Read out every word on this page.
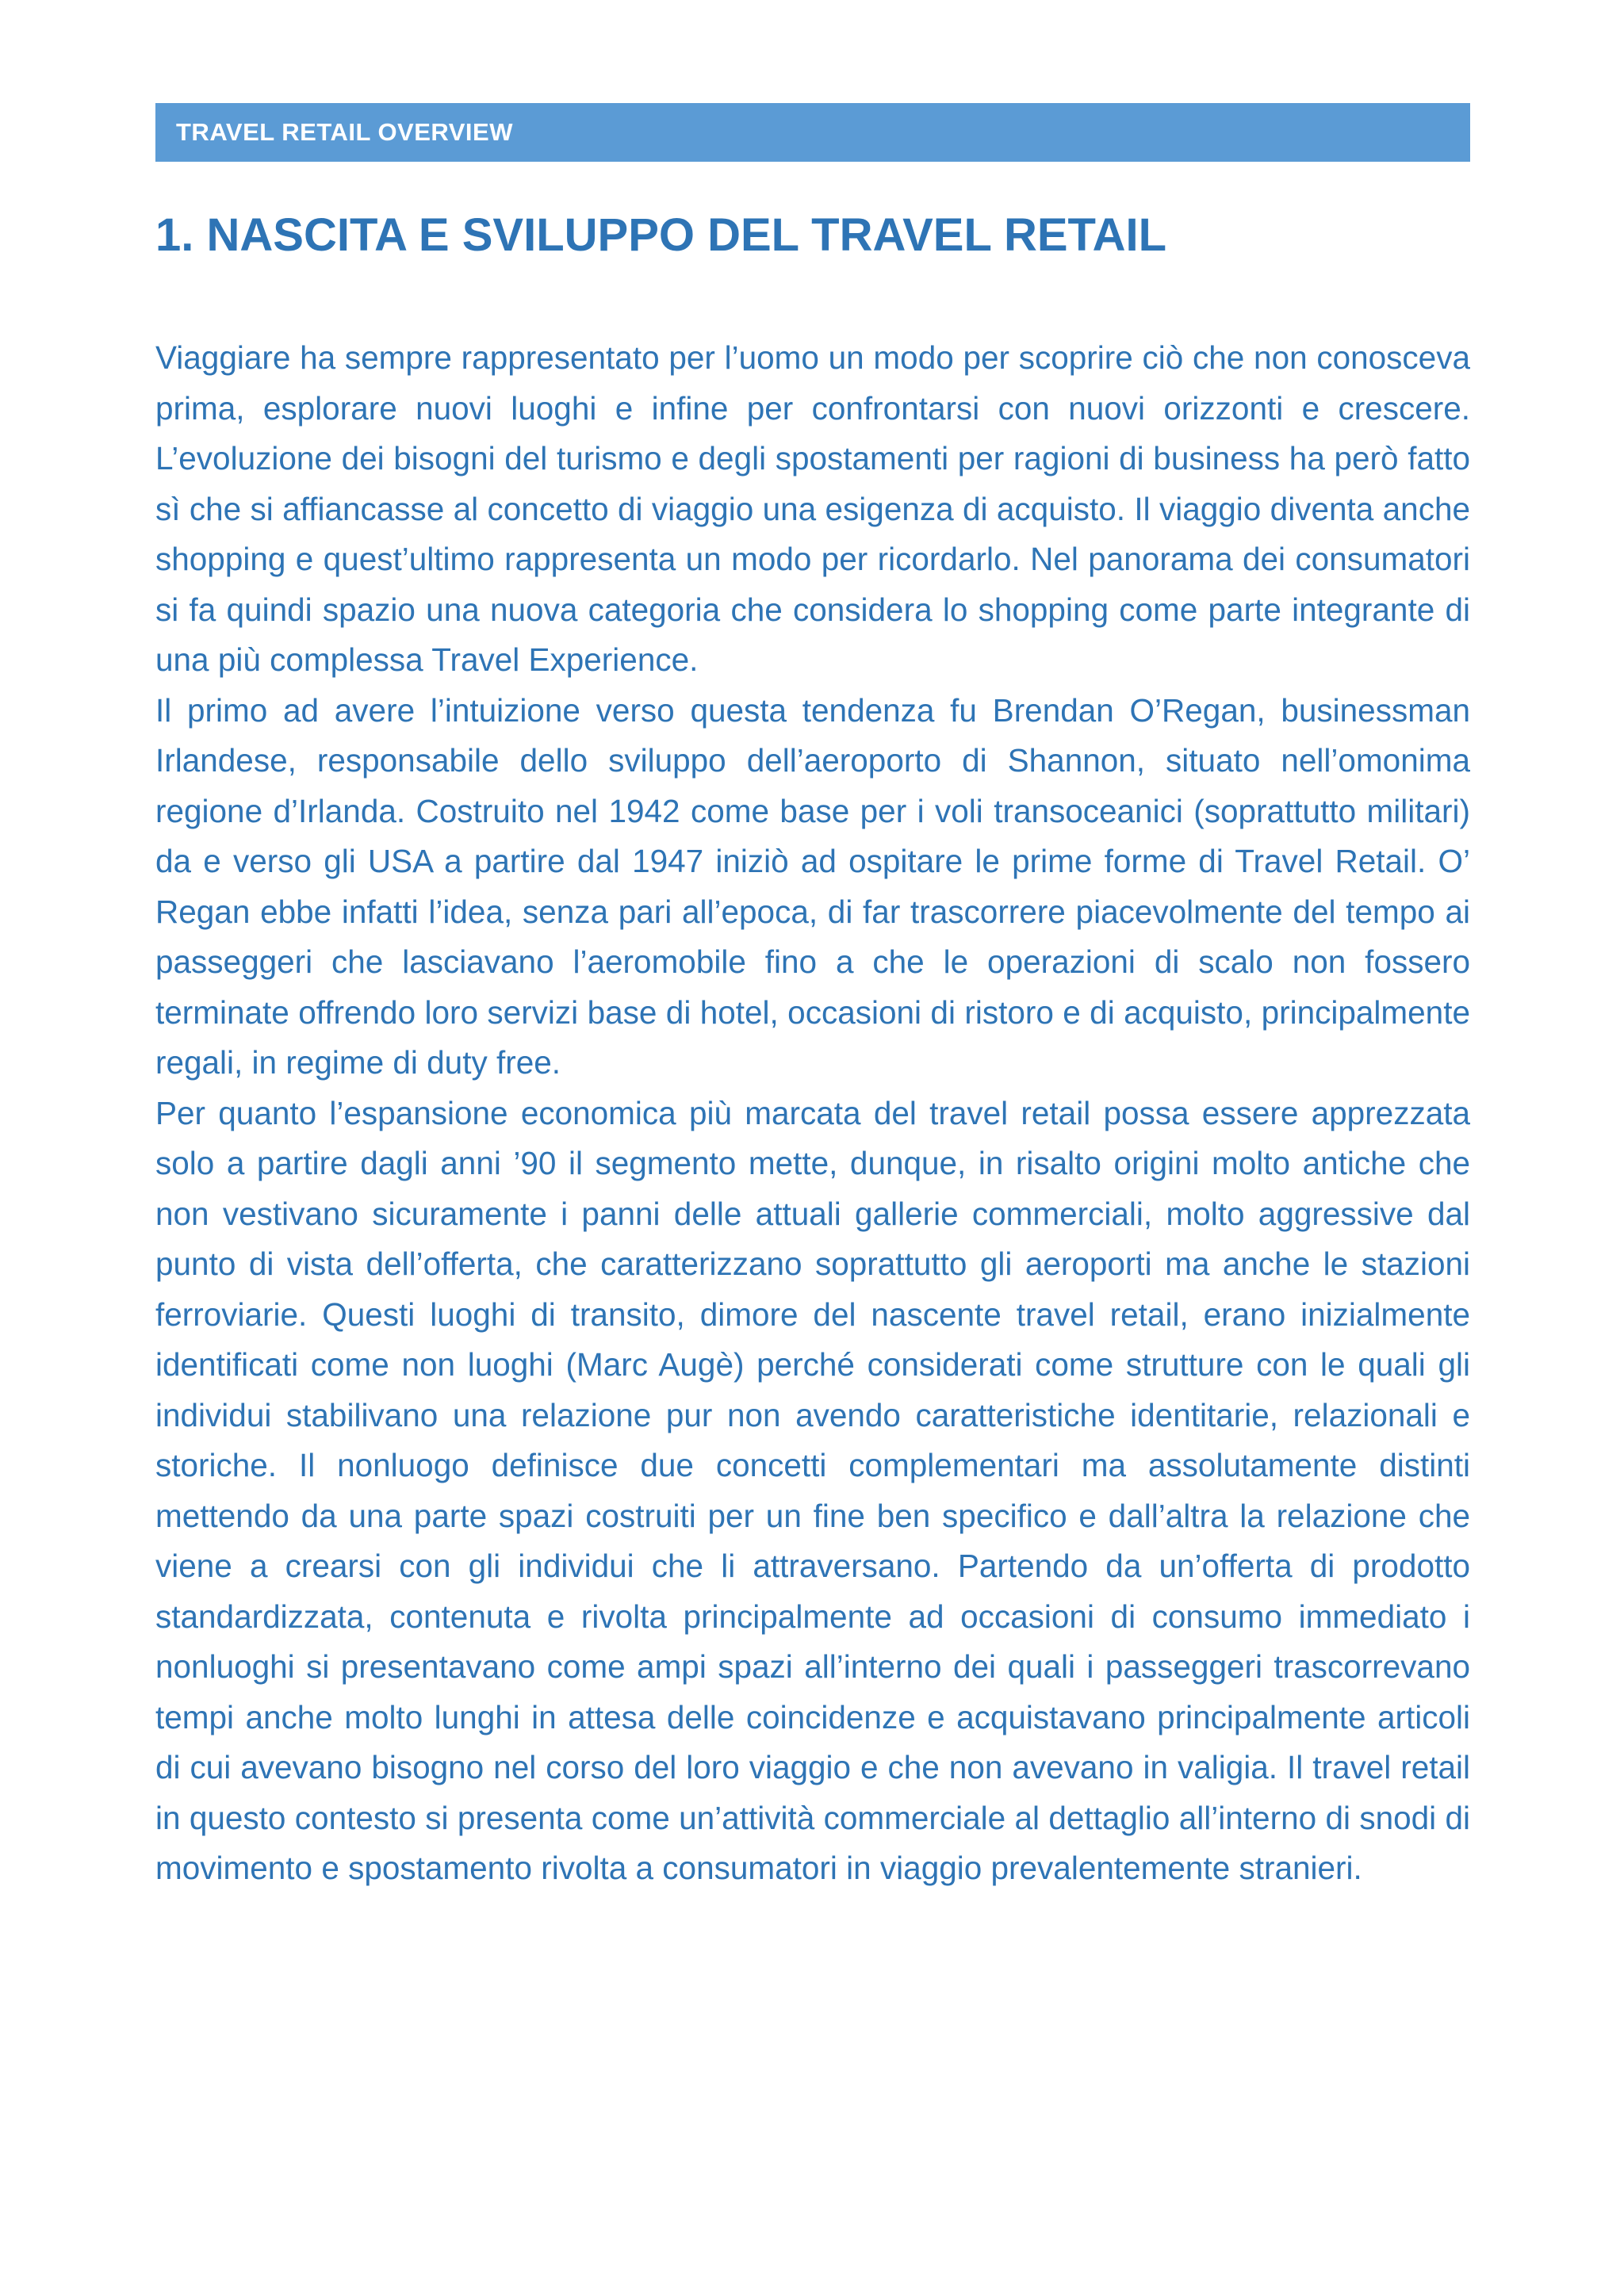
TRAVEL RETAIL OVERVIEW
1. NASCITA E SVILUPPO DEL TRAVEL RETAIL

Viaggiare ha sempre rappresentato per l’uomo un modo per scoprire ciò che non conosceva prima, esplorare nuovi luoghi e infine per confrontarsi con nuovi orizzonti e crescere. L’evoluzione dei bisogni del turismo e degli spostamenti per ragioni di business ha però fatto sì che si affiancasse al concetto di viaggio una esigenza di acquisto. Il viaggio diventa anche shopping e quest’ultimo rappresenta un modo per ricordarlo. Nel panorama dei consumatori si fa quindi spazio una nuova categoria che considera lo shopping come parte integrante di una più complessa Travel Experience.

Il primo ad avere l’intuizione verso questa tendenza fu Brendan O’Regan, businessman Irlandese, responsabile dello sviluppo dell’aeroporto di Shannon, situato nell’omonima regione d’Irlanda. Costruito nel 1942 come base per i voli transoceanici (soprattutto militari) da e verso gli USA a partire dal 1947 iniziò ad ospitare le prime forme di Travel Retail. O’ Regan ebbe infatti l’idea, senza pari all’epoca, di far trascorrere piacevolmente del tempo ai passeggeri che lasciavano l’aeromobile fino a che le operazioni di scalo non fossero terminate offrendo loro servizi base di hotel, occasioni di ristoro e di acquisto, principalmente regali, in regime di duty free.

Per quanto l’espansione economica più marcata del travel retail possa essere apprezzata solo a partire dagli anni ’90 il segmento mette, dunque, in risalto origini molto antiche che non vestivano sicuramente i panni delle attuali gallerie commerciali, molto aggressive dal punto di vista dell’offerta, che caratterizzano soprattutto gli aeroporti ma anche le stazioni ferroviarie. Questi luoghi di transito, dimore del nascente travel retail, erano inizialmente identificati come non luoghi (Marc Augè) perché considerati come strutture con le quali gli individui stabilivano una relazione pur non avendo caratteristiche identitarie, relazionali e storiche. Il nonluogo definisce due concetti complementari ma assolutamente distinti mettendo da una parte spazi costruiti per un fine ben specifico e dall’altra la relazione che viene a crearsi con gli individui che li attraversano. Partendo da un’offerta di prodotto standardizzata, contenuta e rivolta principalmente ad occasioni di consumo immediato i nonluoghi si presentavano come ampi spazi all’interno dei quali i passeggeri trascorrevano tempi anche molto lunghi in attesa delle coincidenze e acquistavano principalmente articoli di cui avevano bisogno nel corso del loro viaggio e che non avevano in valigia. Il travel retail in questo contesto si presenta come un’attività commerciale al dettaglio all’interno di snodi di movimento e spostamento rivolta a consumatori in viaggio prevalentemente stranieri.
